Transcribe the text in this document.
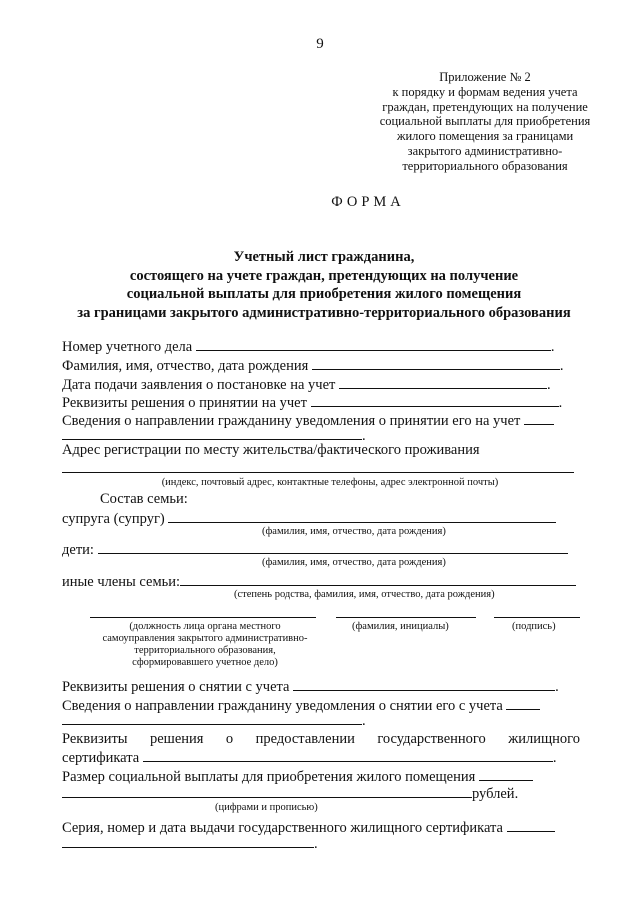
9
Приложение № 2
к порядку и формам ведения учета
граждан, претендующих на получение
социальной выплаты для приобретения
жилого помещения за границами
закрытого административно-
территориального образования
ФОРМА
Учетный лист гражданина,
состоящего на учете граждан, претендующих на получение
социальной выплаты для приобретения жилого помещения
за границами закрытого административно-территориального образования
Номер учетного дела	.
Фамилия, имя, отчество, дата рождения	.
Дата подачи заявления о постановке на учет	.
Реквизиты решения о принятии на учет	.
Сведения о направлении гражданину уведомления о принятии его на учет
.
Адрес регистрации по месту жительства/фактического проживания
(индекс, почтовый адрес, контактные телефоны, адрес электронной почты)
Состав семьи:
супруга (супруг)
(фамилия, имя, отчество, дата рождения)
дети:
(фамилия, имя, отчество, дата рождения)
иные члены семьи:
(степень родства, фамилия, имя, отчество, дата рождения)
(должность лица органа местного
самоуправления закрытого административно-
территориального образования,
сформировавшего учетное дело)
(фамилия, инициалы)	(подпись)
Реквизиты решения о снятии с учета	.
Сведения о направлении гражданину уведомления о снятии его с учета
.
Реквизиты решения о предоставлении государственного жилищного
сертификата	.
Размер социальной выплаты для приобретения жилого помещения
рублей.
(цифрами и прописью)
Серия, номер и дата выдачи государственного жилищного сертификата
.
